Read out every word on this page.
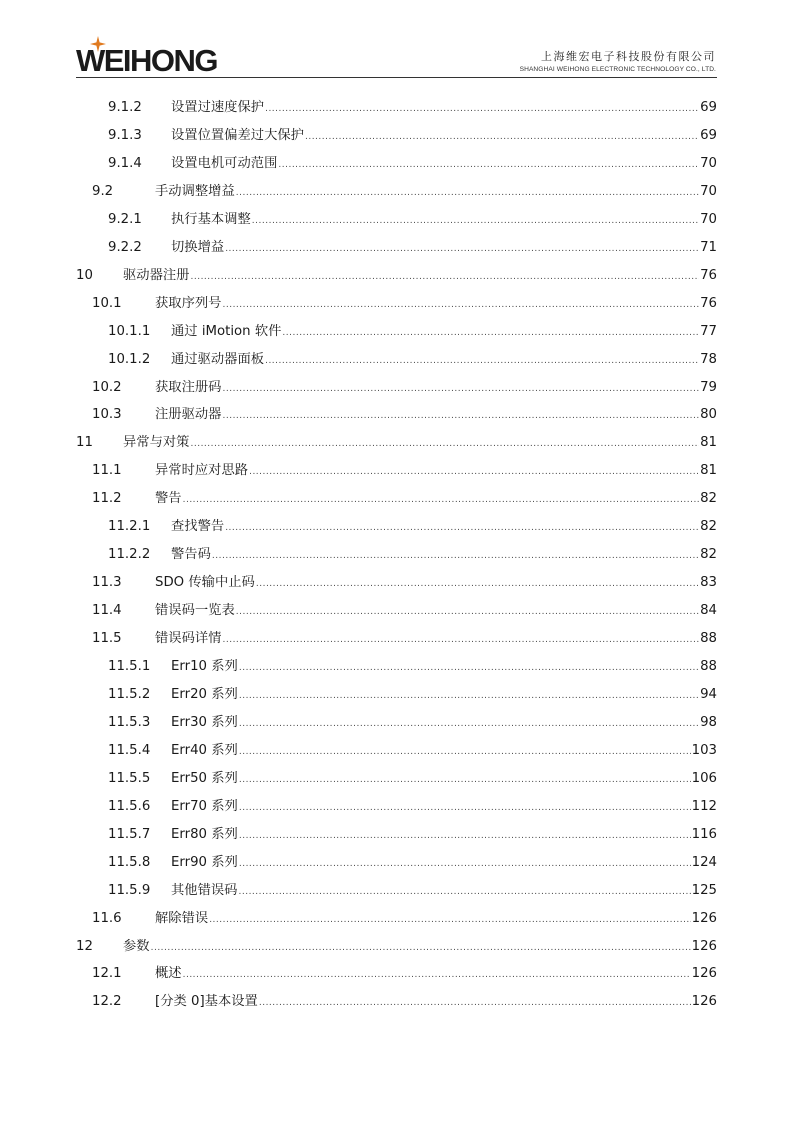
WEIHONG	上海维宏电子科技股份有限公司
SHANGHAI WEIHONG ELECTRONIC TECHNOLOGY CO., LTD.
9.1.2	设置过速度保护 .....	69
9.1.3	设置位置偏差过大保护 .....	69
9.1.4	设置电机可动范围 .....	70
9.2	手动调整增益 .....	70
9.2.1	执行基本调整 .....	70
9.2.2	切换增益 .....	71
10	驱动器注册 .....	76
10.1	获取序列号 .....	76
10.1.1	通过 iMotion 软件 .....	77
10.1.2	通过驱动器面板 .....	78
10.2	获取注册码 .....	79
10.3	注册驱动器 .....	80
11	异常与对策 .....	81
11.1	异常时应对思路 .....	81
11.2	警告 .....	82
11.2.1	查找警告 .....	82
11.2.2	警告码 .....	82
11.3	SDO 传输中止码 .....	83
11.4	错误码一览表 .....	84
11.5	错误码详情 .....	88
11.5.1	Err10 系列 .....	88
11.5.2	Err20 系列 .....	94
11.5.3	Err30 系列 .....	98
11.5.4	Err40 系列 .....	103
11.5.5	Err50 系列 .....	106
11.5.6	Err70 系列 .....	112
11.5.7	Err80 系列 .....	116
11.5.8	Err90 系列 .....	124
11.5.9	其他错误码 .....	125
11.6	解除错误 .....	126
12	参数 .....	126
12.1	概述 .....	126
12.2	[分类 0]基本设置 .....	126
